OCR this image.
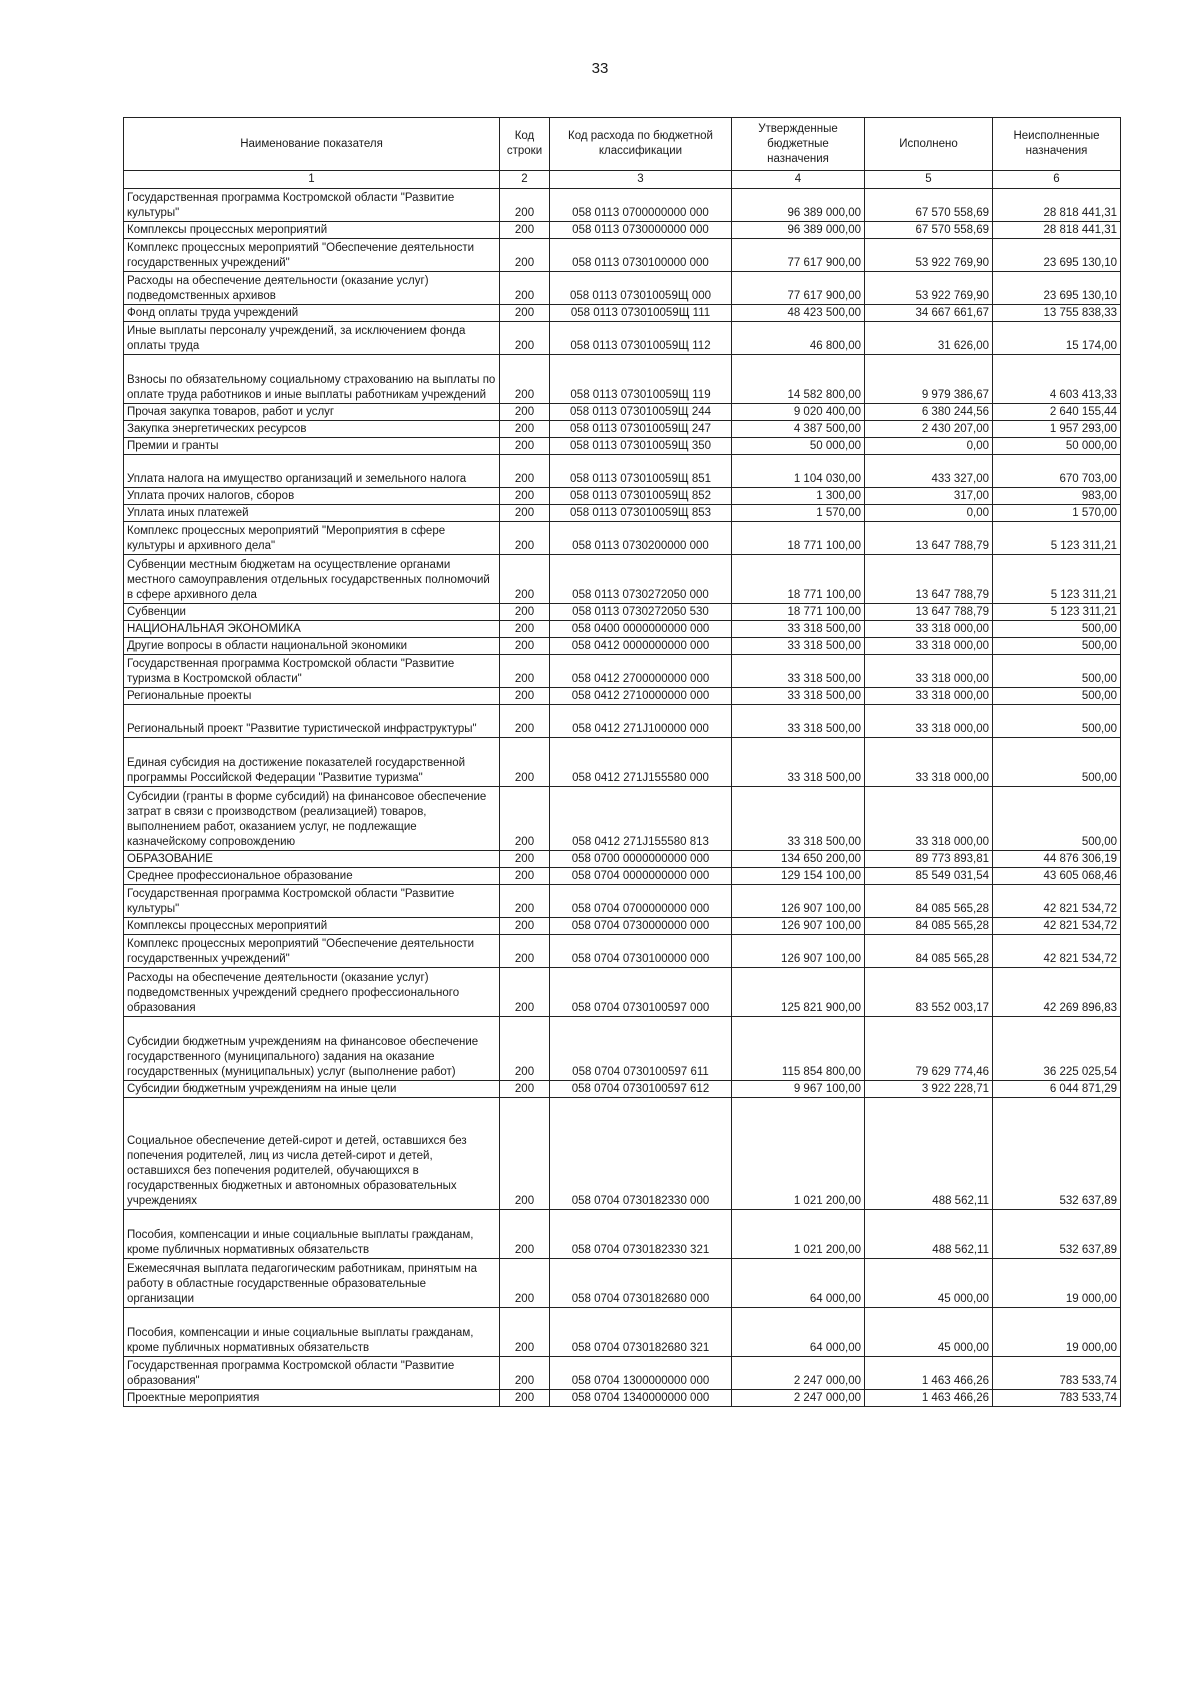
33
Наименование показателя	Код строки	Код расхода по бюджетной классификации	Утвержденные бюджетные назначения	Исполнено	Неисполненные назначения
1	2	3	4	5	6
Государственная программа Костромской области "Развитие культуры"	200	058 0113 0700000000 000	96 389 000,00	67 570 558,69	28 818 441,31
Комплексы процессных мероприятий	200	058 0113 0730000000 000	96 389 000,00	67 570 558,69	28 818 441,31
Комплекс процессных мероприятий "Обеспечение деятельности государственных учреждений"	200	058 0113 0730100000 000	77 617 900,00	53 922 769,90	23 695 130,10
Расходы на обеспечение деятельности (оказание услуг) подведомственных архивов	200	058 0113 073010059Щ 000	77 617 900,00	53 922 769,90	23 695 130,10
Фонд оплаты труда учреждений	200	058 0113 073010059Щ 111	48 423 500,00	34 667 661,67	13 755 838,33
Иные выплаты персоналу учреждений, за исключением фонда оплаты труда	200	058 0113 073010059Щ 112	46 800,00	31 626,00	15 174,00
Взносы по обязательному социальному страхованию на выплаты по оплате труда работников и иные выплаты работникам учреждений	200	058 0113 073010059Щ 119	14 582 800,00	9 979 386,67	4 603 413,33
Прочая закупка товаров, работ и услуг	200	058 0113 073010059Щ 244	9 020 400,00	6 380 244,56	2 640 155,44
Закупка энергетических ресурсов	200	058 0113 073010059Щ 247	4 387 500,00	2 430 207,00	1 957 293,00
Премии и гранты	200	058 0113 073010059Щ 350	50 000,00	0,00	50 000,00
Уплата налога на имущество организаций и земельного налога	200	058 0113 073010059Щ 851	1 104 030,00	433 327,00	670 703,00
Уплата прочих налогов, сборов	200	058 0113 073010059Щ 852	1 300,00	317,00	983,00
Уплата иных платежей	200	058 0113 073010059Щ 853	1 570,00	0,00	1 570,00
Комплекс процессных мероприятий "Мероприятия в сфере культуры и архивного дела"	200	058 0113 0730200000 000	18 771 100,00	13 647 788,79	5 123 311,21
Субвенции местным бюджетам на осуществление органами местного самоуправления отдельных государственных полномочий в сфере архивного дела	200	058 0113 0730272050 000	18 771 100,00	13 647 788,79	5 123 311,21
Субвенции	200	058 0113 0730272050 530	18 771 100,00	13 647 788,79	5 123 311,21
НАЦИОНАЛЬНАЯ ЭКОНОМИКА	200	058 0400 0000000000 000	33 318 500,00	33 318 000,00	500,00
Другие вопросы в области национальной экономики	200	058 0412 0000000000 000	33 318 500,00	33 318 000,00	500,00
Государственная программа Костромской области "Развитие туризма в Костромской области"	200	058 0412 2700000000 000	33 318 500,00	33 318 000,00	500,00
Региональные проекты	200	058 0412 2710000000 000	33 318 500,00	33 318 000,00	500,00
Региональный проект "Развитие туристической инфраструктуры"	200	058 0412 271J100000 000	33 318 500,00	33 318 000,00	500,00
Единая субсидия на достижение показателей государственной программы Российской Федерации "Развитие туризма"	200	058 0412 271J155580 000	33 318 500,00	33 318 000,00	500,00
Субсидии (гранты в форме субсидий) на финансовое обеспечение затрат в связи с производством (реализацией) товаров, выполнением работ, оказанием услуг, не подлежащие казначейскому сопровождению	200	058 0412 271J155580 813	33 318 500,00	33 318 000,00	500,00
ОБРАЗОВАНИЕ	200	058 0700 0000000000 000	134 650 200,00	89 773 893,81	44 876 306,19
Среднее профессиональное образование	200	058 0704 0000000000 000	129 154 100,00	85 549 031,54	43 605 068,46
Государственная программа Костромской области "Развитие культуры"	200	058 0704 0700000000 000	126 907 100,00	84 085 565,28	42 821 534,72
Комплексы процессных мероприятий	200	058 0704 0730000000 000	126 907 100,00	84 085 565,28	42 821 534,72
Комплекс процессных мероприятий "Обеспечение деятельности государственных учреждений"	200	058 0704 0730100000 000	126 907 100,00	84 085 565,28	42 821 534,72
Расходы на обеспечение деятельности (оказание услуг) подведомственных учреждений среднего профессионального образования	200	058 0704 0730100597 000	125 821 900,00	83 552 003,17	42 269 896,83
Субсидии бюджетным учреждениям на финансовое обеспечение государственного (муниципального) задания на оказание государственных (муниципальных) услуг (выполнение работ)	200	058 0704 0730100597 611	115 854 800,00	79 629 774,46	36 225 025,54
Субсидии бюджетным учреждениям на иные цели	200	058 0704 0730100597 612	9 967 100,00	3 922 228,71	6 044 871,29
Социальное обеспечение детей-сирот и детей, оставшихся без попечения родителей, лиц из числа детей-сирот и детей, оставшихся без попечения родителей, обучающихся в государственных бюджетных и автономных образовательных учреждениях	200	058 0704 0730182330 000	1 021 200,00	488 562,11	532 637,89
Пособия, компенсации и иные социальные выплаты гражданам, кроме публичных нормативных обязательств	200	058 0704 0730182330 321	1 021 200,00	488 562,11	532 637,89
Ежемесячная выплата педагогическим работникам, принятым на работу в областные государственные образовательные организации	200	058 0704 0730182680 000	64 000,00	45 000,00	19 000,00
Пособия, компенсации и иные социальные выплаты гражданам, кроме публичных нормативных обязательств	200	058 0704 0730182680 321	64 000,00	45 000,00	19 000,00
Государственная программа Костромской области "Развитие образования"	200	058 0704 1300000000 000	2 247 000,00	1 463 466,26	783 533,74
Проектные мероприятия	200	058 0704 1340000000 000	2 247 000,00	1 463 466,26	783 533,74
